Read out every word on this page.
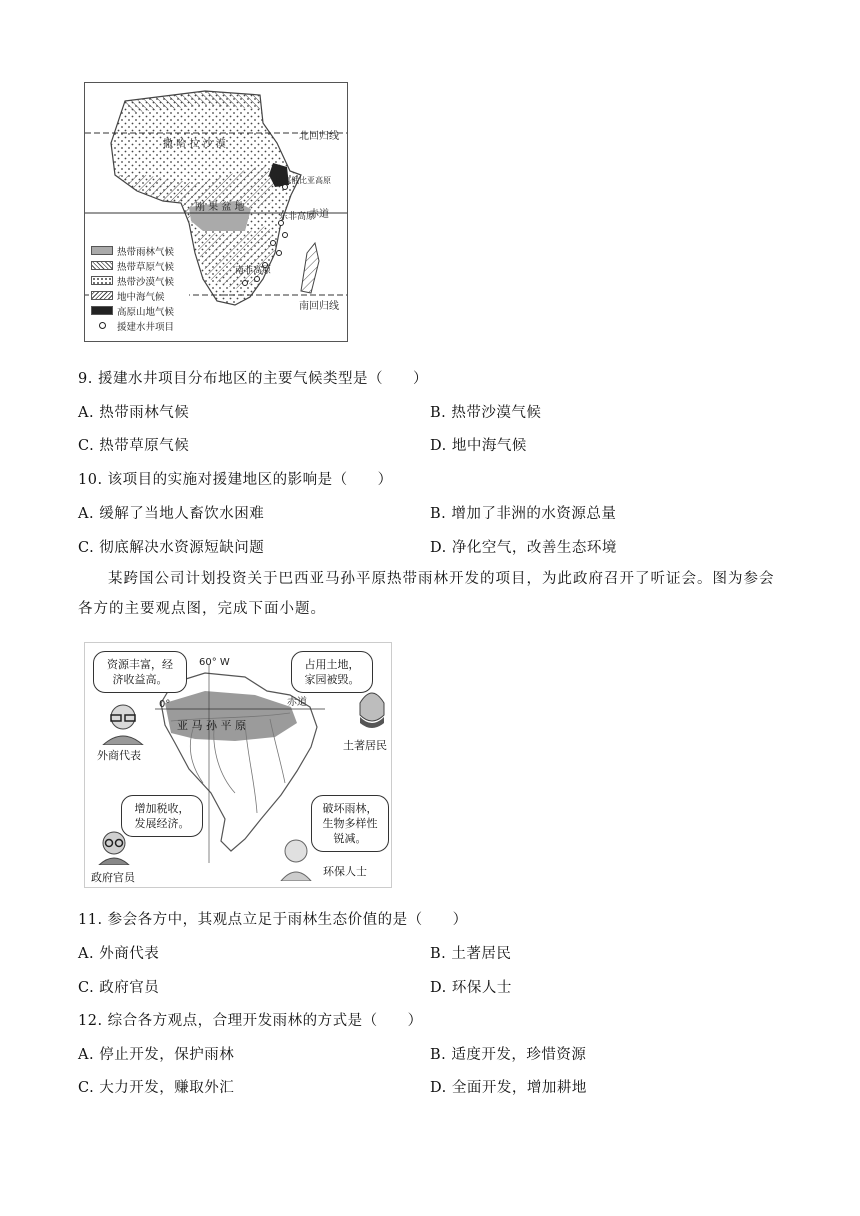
撒 哈 拉 沙 漠
北回归线
赤道
刚 果 盆 地
埃塞俄比亚高原
南回归线
东非高原
南非高原
热带雨林气候
热带草原气候
热带沙漠气候
地中海气候
高原山地气候
援建水井项目
9. 援建水井项目分布地区的主要气候类型是（　　）
A. 热带雨林气候	B. 热带沙漠气候
C. 热带草原气候	D. 地中海气候
10. 该项目的实施对援建地区的影响是（　　）
A. 缓解了当地人畜饮水困难	B. 增加了非洲的水资源总量
C. 彻底解决水资源短缺问题	D. 净化空气，改善生态环境
某跨国公司计划投资关于巴西亚马孙平原热带雨林开发的项目，为此政府召开了听证会。图为参会各方的主要观点图，完成下面小题。
60° W
0°	赤道
亚 马 孙 平 原
资源丰富，经济收益高。
占用土地，家园被毁。
增加税收，发展经济。
破坏雨林，生物多样性锐减。
外商代表
土著居民
政府官员	环保人士
11. 参会各方中，其观点立足于雨林生态价值的是（　　）
A. 外商代表	B. 土著居民
C. 政府官员	D. 环保人士
12. 综合各方观点，合理开发雨林的方式是（　　）
A. 停止开发，保护雨林	B. 适度开发，珍惜资源
C. 大力开发，赚取外汇	D. 全面开发，增加耕地
